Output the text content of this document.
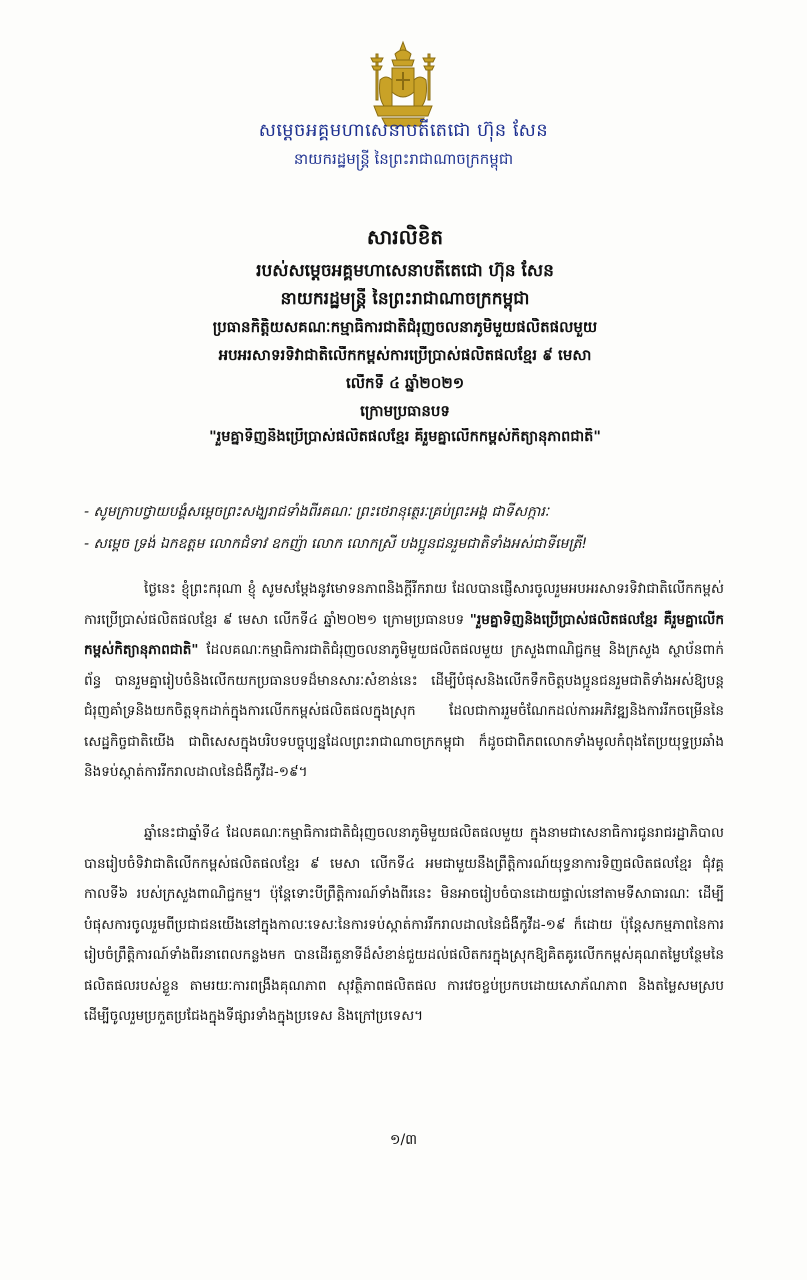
សម្តេចអគ្គមហាសេនាបតីតេជោ ហ៊ុន សែន
នាយករដ្ឋមន្ត្រី នៃព្រះរាជាណាចក្រកម្ពុជា
សារលិខិត
របស់សម្តេចអគ្គមហាសេនាបតីតេជោ ហ៊ុន សែន
នាយករដ្ឋមន្ត្រី នៃព្រះរាជាណាចក្រកម្ពុជា
ប្រធានកិត្តិយសគណៈកម្មាធិការជាតិជំរុញចលនាភូមិមួយផលិតផលមួយ
អបអរសាទរទិវាជាតិលើកកម្ពស់ការប្រើប្រាស់ផលិតផលខ្មែរ ៩ មេសា
លើកទី ៤ ឆ្នាំ២០២១
ក្រោមប្រធានបទ
"រួមគ្នាទិញនិងប្រើប្រាស់ផលិតផលខ្មែរ គឺរួមគ្នាលើកកម្ពស់កិត្យានុភាពជាតិ"
- សូមក្រាបថ្វាយបង្គំសម្តេចព្រះសង្ឃរាជទាំងពីរគណៈ ព្រះថេរានុត្ថេរៈគ្រប់ព្រះអង្គ ជាទីសក្ការៈ
- សម្តេច ទ្រង់ ឯកឧត្តម លោកជំទាវ ឧកញ៉ា លោក លោកស្រី បងប្អូនជនរួមជាតិទាំងអស់ជាទីមេត្រី!
ថ្ងៃនេះ ខ្ញុំព្រះករុណា ខ្ញុំ សូមសម្តែងនូវមោទនភាពនិងក្តីរីករាយ ដែលបានផ្ញើសារចូលរួមអបអរសាទរទិវាជាតិលើកកម្ពស់ការប្រើប្រាស់ផលិតផលខ្មែរ ៩ មេសា លើកទី៤ ឆ្នាំ២០២១ ក្រោមប្រធានបទ "រួមគ្នាទិញនិងប្រើប្រាស់ផលិតផលខ្មែរ គឺរួមគ្នាលើកកម្ពស់កិត្យានុភាពជាតិ" ដែលគណៈកម្មាធិការជាតិជំរុញចលនាភូមិមួយផលិតផលមួយ ក្រសួងពាណិជ្ជកម្ម និងក្រសួង ស្ថាប័នពាក់ព័ន្ធ បានរួមគ្នារៀបចំនិងលើកយកប្រធានបទដ៏មានសារៈសំខាន់នេះ ដើម្បីបំផុសនិងលើកទឹកចិត្តបងប្អូនជនរួមជាតិទាំងអស់ឱ្យបន្តជំរុញគាំទ្រនិងយកចិត្តទុកដាក់ក្នុងការលើកកម្ពស់ផលិតផលក្នុងស្រុក ដែលជាការរួមចំណែកដល់ការអភិវឌ្ឍនិងការរីកចម្រើននៃសេដ្ឋកិច្ចជាតិយើង ជាពិសេសក្នុងបរិបទបច្ចុប្បន្នដែលព្រះរាជាណាចក្រកម្ពុជា ក៏ដូចជាពិភពលោកទាំងមូលកំពុងតែប្រយុទ្ធប្រឆាំងនិងទប់ស្កាត់ការរីករាលដាលនៃជំងឺកូវីដ-១៩។
ឆ្នាំនេះជាឆ្នាំទី៤ ដែលគណៈកម្មាធិការជាតិជំរុញចលនាភូមិមួយផលិតផលមួយ ក្នុងនាមជាសេនាធិការជូនរាជរដ្ឋាភិបាលបានរៀបចំទិវាជាតិលើកកម្ពស់ផលិតផលខ្មែរ ៩ មេសា លើកទី៤ អមជាមួយនឹងព្រឹត្តិការណ៍យុទ្ធនាការទិញផលិតផលខ្មែរ ជុំវគ្គកាលទី៦ របស់ក្រសួងពាណិជ្ជកម្ម។ ប៉ុន្តែទោះបីព្រឹត្តិការណ៍ទាំងពីរនេះ មិនអាចរៀបចំបានដោយផ្ទាល់នៅតាមទីសាធារណៈ ដើម្បីបំផុសការចូលរួមពីប្រជាជនយើងនៅក្នុងកាលៈទេសៈនៃការទប់ស្កាត់ការរីករាលដាលនៃជំងឺកូវីដ-១៩ ក៏ដោយ ប៉ុន្តែសកម្មភាពនៃការរៀបចំព្រឹត្តិការណ៍ទាំងពីរនាពេលកន្លងមក បានដើរតួនាទីដ៏សំខាន់ជួយដល់ផលិតករក្នុងស្រុកឱ្យគិតគូរលើកកម្ពស់គុណតម្លៃបន្ថែមនៃផលិតផលរបស់ខ្លួន តាមរយៈការពង្រឹងគុណភាព សុវត្ថិភាពផលិតផល ការវេចខ្ចប់ប្រកបដោយសោភ័ណភាព និងតម្លៃសមស្រប ដើម្បីចូលរួមប្រកួតប្រជែងក្នុងទីផ្សារទាំងក្នុងប្រទេស និងក្រៅប្រទេស។
១/៣
